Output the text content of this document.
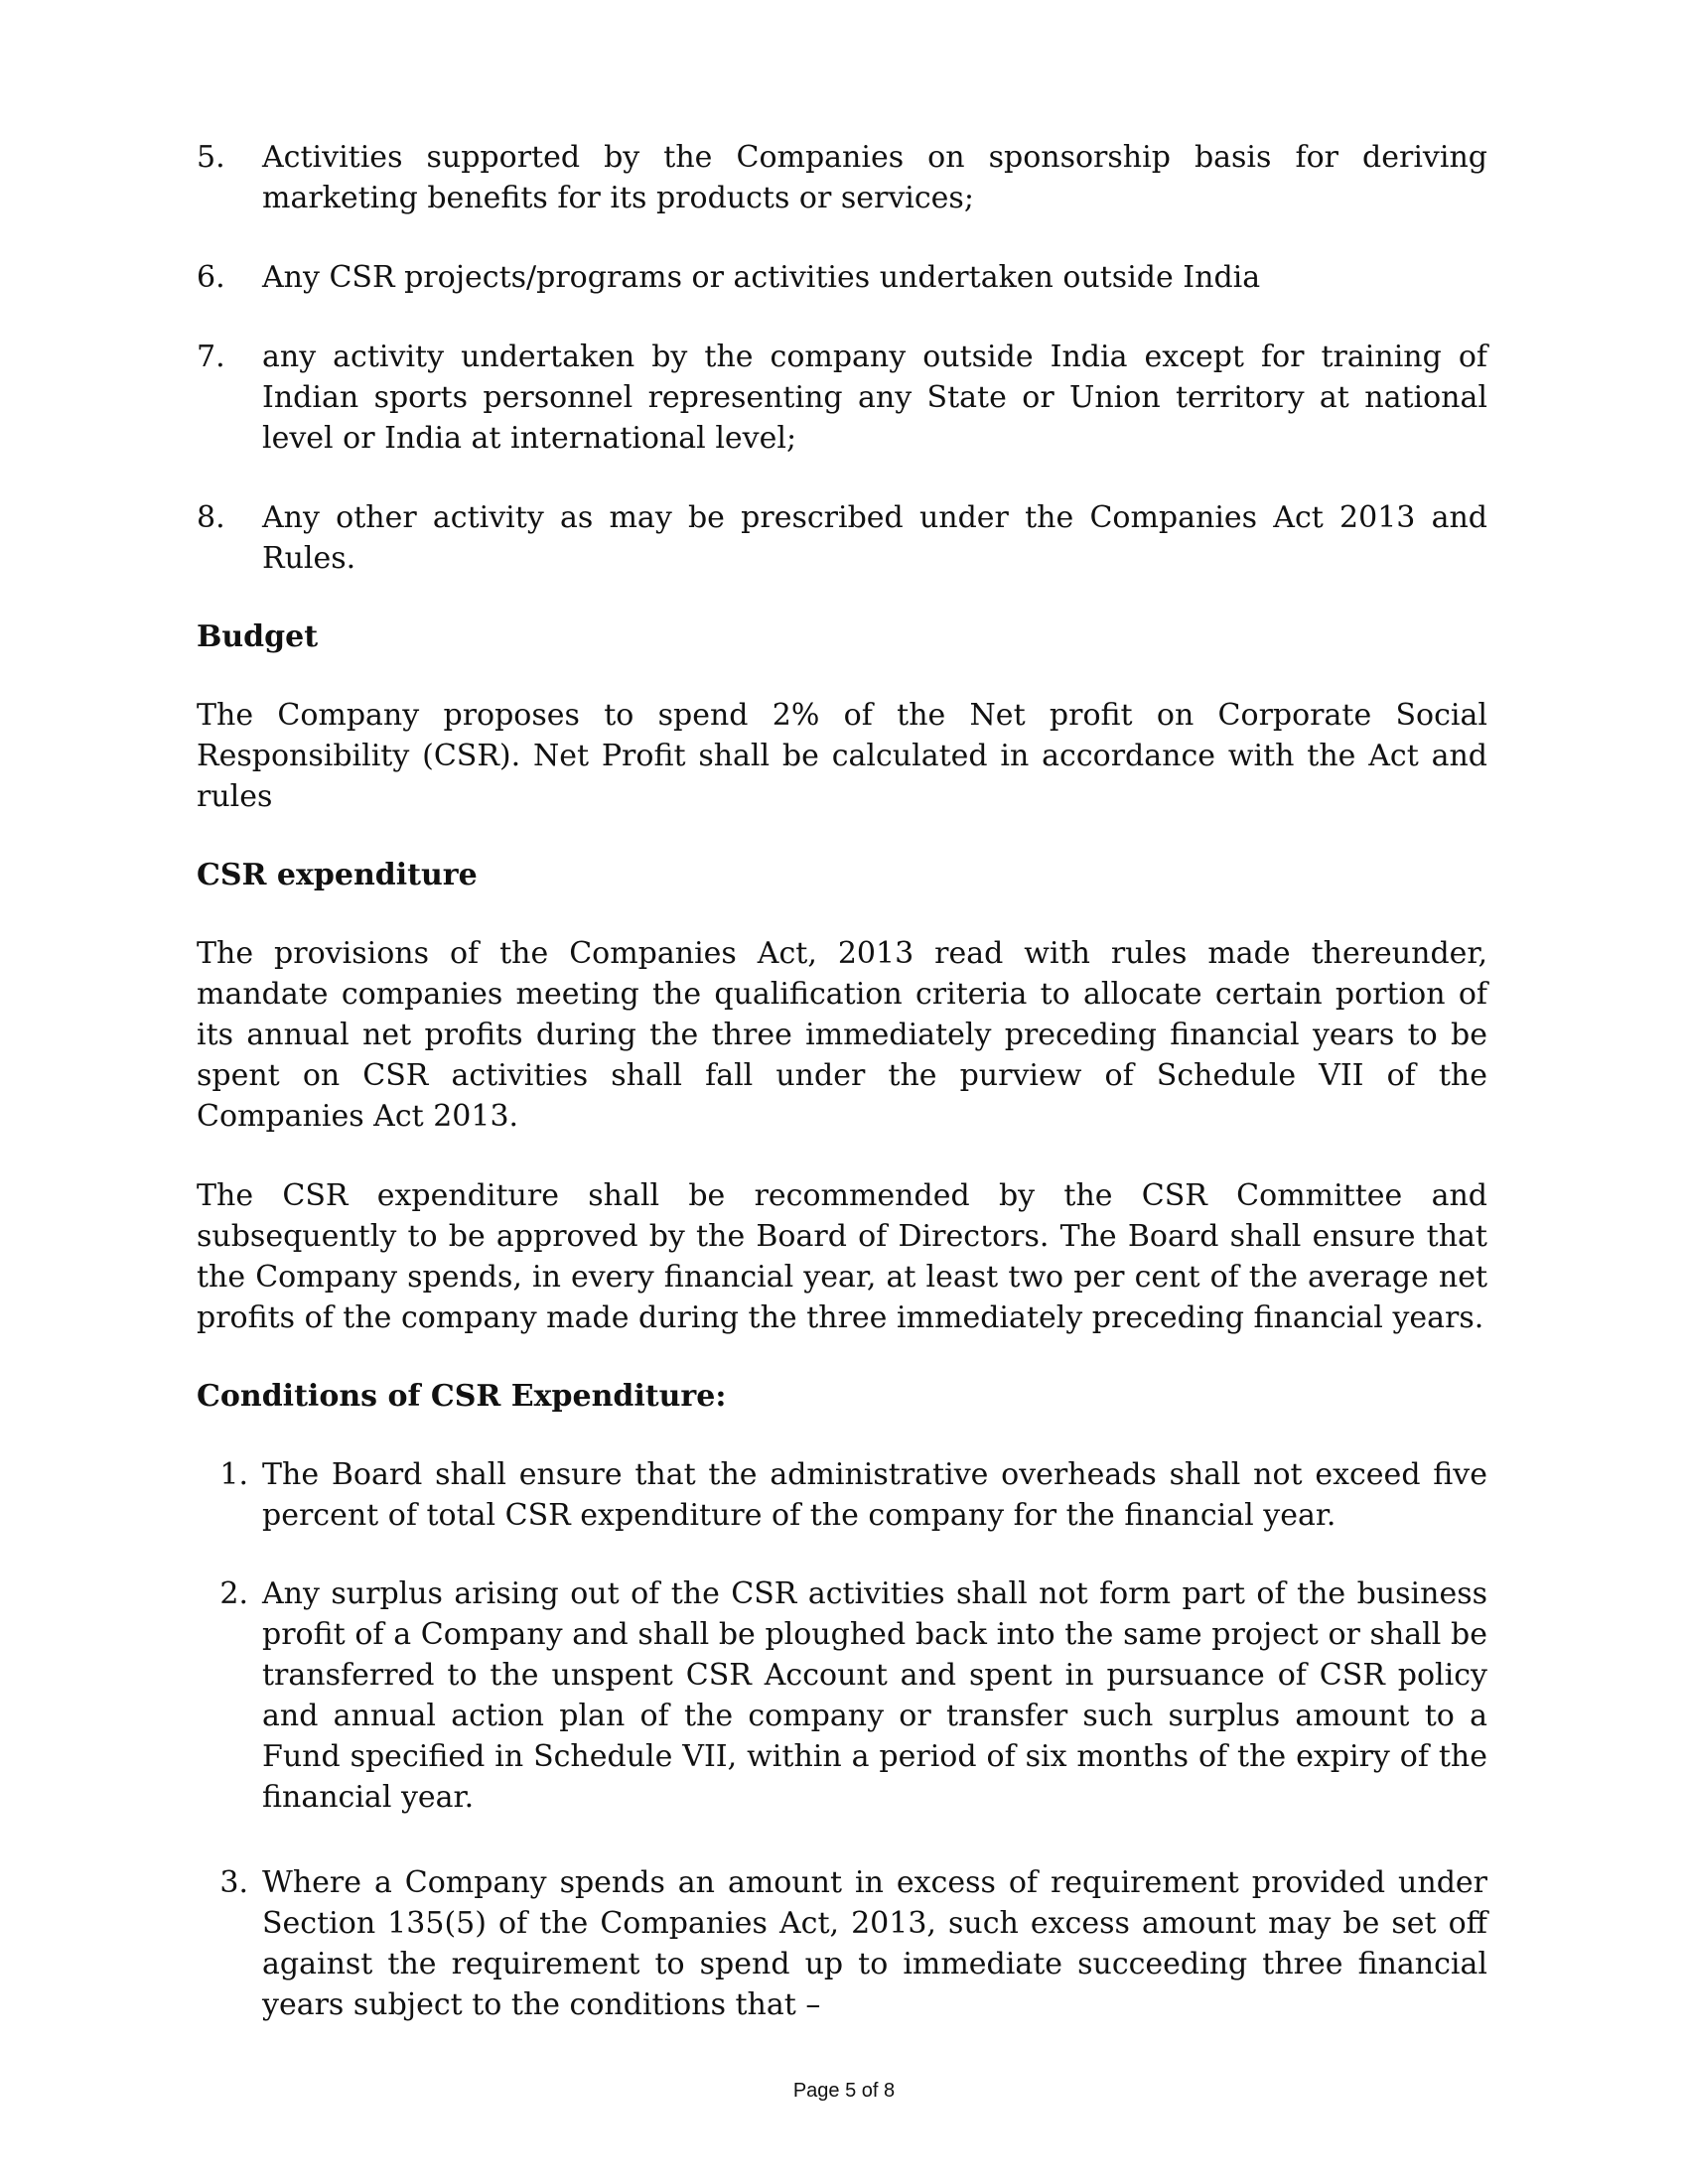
5.	Activities supported by the Companies on sponsorship basis for deriving marketing benefits for its products or services;
6.	Any CSR projects/programs or activities undertaken outside India
7.	any activity undertaken by the company outside India except for training of Indian sports personnel representing any State or Union territory at national level or India at international level;
8.	Any other activity as may be prescribed under the Companies Act 2013 and Rules.
Budget
The Company proposes to spend 2% of the Net profit on Corporate Social Responsibility (CSR). Net Profit shall be calculated in accordance with the Act and rules
CSR expenditure
The provisions of the Companies Act, 2013 read with rules made thereunder, mandate companies meeting the qualification criteria to allocate certain portion of its annual net profits during the three immediately preceding financial years to be spent on CSR activities shall fall under the purview of Schedule VII of the Companies Act 2013.
The CSR expenditure shall be recommended by the CSR Committee and subsequently to be approved by the Board of Directors. The Board shall ensure that the Company spends, in every financial year, at least two per cent of the average net profits of the company made during the three immediately preceding financial years.
Conditions of CSR Expenditure:
1. The Board shall ensure that the administrative overheads shall not exceed five percent of total CSR expenditure of the company for the financial year.
2. Any surplus arising out of the CSR activities shall not form part of the business profit of a Company and shall be ploughed back into the same project or shall be transferred to the unspent CSR Account and spent in pursuance of CSR policy and annual action plan of the company or transfer such surplus amount to a Fund specified in Schedule VII, within a period of six months of the expiry of the financial year.
3. Where a Company spends an amount in excess of requirement provided under Section 135(5) of the Companies Act, 2013, such excess amount may be set off against the requirement to spend up to immediate succeeding three financial years subject to the conditions that –
Page 5 of 8
